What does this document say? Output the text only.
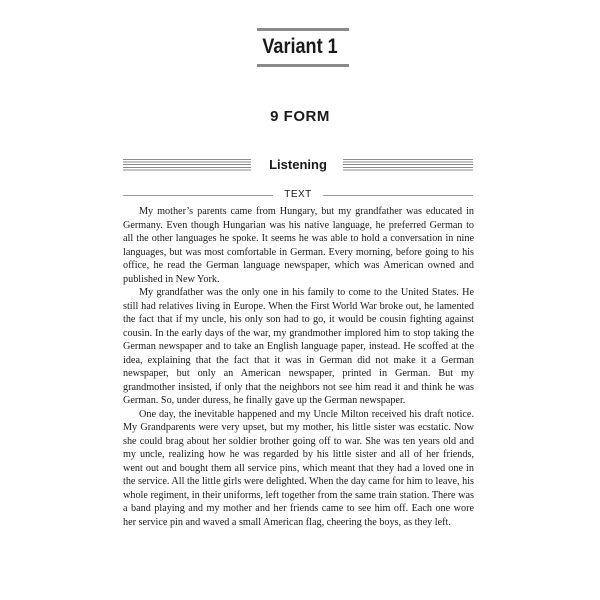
Variant 1
9 FORM
Listening
TEXT

My mother’s parents came from Hungary, but my grandfather was educated in Germany. Even though Hungarian was his native language, he preferred German to all the other languages he spoke. It seems he was able to hold a conversation in nine languages, but was most comfortable in German. Every morning, before going to his office, he read the German language newspaper, which was American owned and published in New York.

My grandfather was the only one in his family to come to the United States. He still had relatives living in Europe. When the First World War broke out, he lamented the fact that if my uncle, his only son had to go, it would be cousin fighting against cousin. In the early days of the war, my grandmother implored him to stop taking the German newspaper and to take an English language paper, instead. He scoffed at the idea, explaining that the fact that it was in German did not make it a German newspaper, but only an American newspaper, printed in German. But my grandmother insisted, if only that the neighbors not see him read it and think he was German. So, under duress, he finally gave up the German newspaper.

One day, the inevitable happened and my Uncle Milton received his draft notice. My Grandparents were very upset, but my mother, his little sister was ecstatic. Now she could brag about her soldier brother going off to war. She was ten years old and my uncle, realizing how he was regarded by his little sister and all of her friends, went out and bought them all service pins, which meant that they had a loved one in the service. All the little girls were delighted. When the day came for him to leave, his whole regiment, in their uniforms, left together from the same train station. There was a band playing and my mother and her friends came to see him off. Each one wore her service pin and waved a small American flag, cheering the boys, as they left.
